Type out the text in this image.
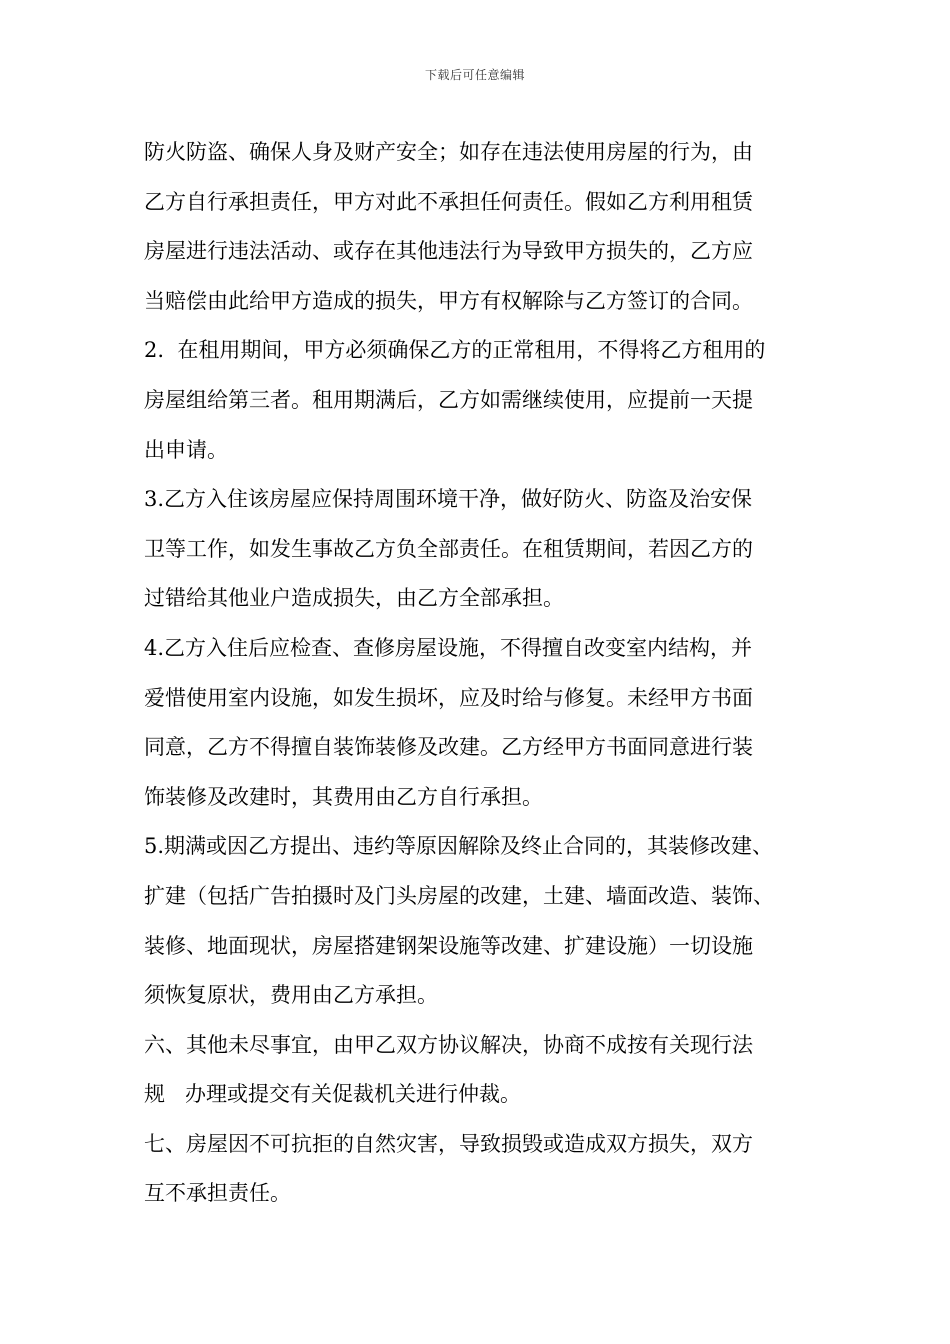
下载后可任意编辑
防火防盗、确保人身及财产安全；如存在违法使用房屋的行为，由
乙方自行承担责任，甲方对此不承担任何责任。假如乙方利用租赁
房屋进行违法活动、或存在其他违法行为导致甲方损失的，乙方应
当赔偿由此给甲方造成的损失，甲方有权解除与乙方签订的合同。
2.  在租用期间，甲方必须确保乙方的正常租用，不得将乙方租用的
房屋组给第三者。租用期满后，乙方如需继续使用，应提前一天提
出申请。
3.乙方入住该房屋应保持周围环境干净，做好防火、防盗及治安保
卫等工作，如发生事故乙方负全部责任。在租赁期间，若因乙方的
过错给其他业户造成损失，由乙方全部承担。
4.乙方入住后应检查、查修房屋设施，不得擅自改变室内结构，并
爱惜使用室内设施，如发生损坏，应及时给与修复。未经甲方书面
同意，乙方不得擅自装饰装修及改建。乙方经甲方书面同意进行装
饰装修及改建时，其费用由乙方自行承担。
5.期满或因乙方提出、违约等原因解除及终止合同的，其装修改建、
扩建（包括广告拍摄时及门头房屋的改建，土建、墙面改造、装饰、
装修、地面现状，房屋搭建钢架设施等改建、扩建设施）一切设施
须恢复原状，费用由乙方承担。
六、其他未尽事宜，由甲乙双方协议解决，协商不成按有关现行法
规   办理或提交有关促裁机关进行仲裁。
七、房屋因不可抗拒的自然灾害，导致损毁或造成双方损失，双方
互不承担责任。
